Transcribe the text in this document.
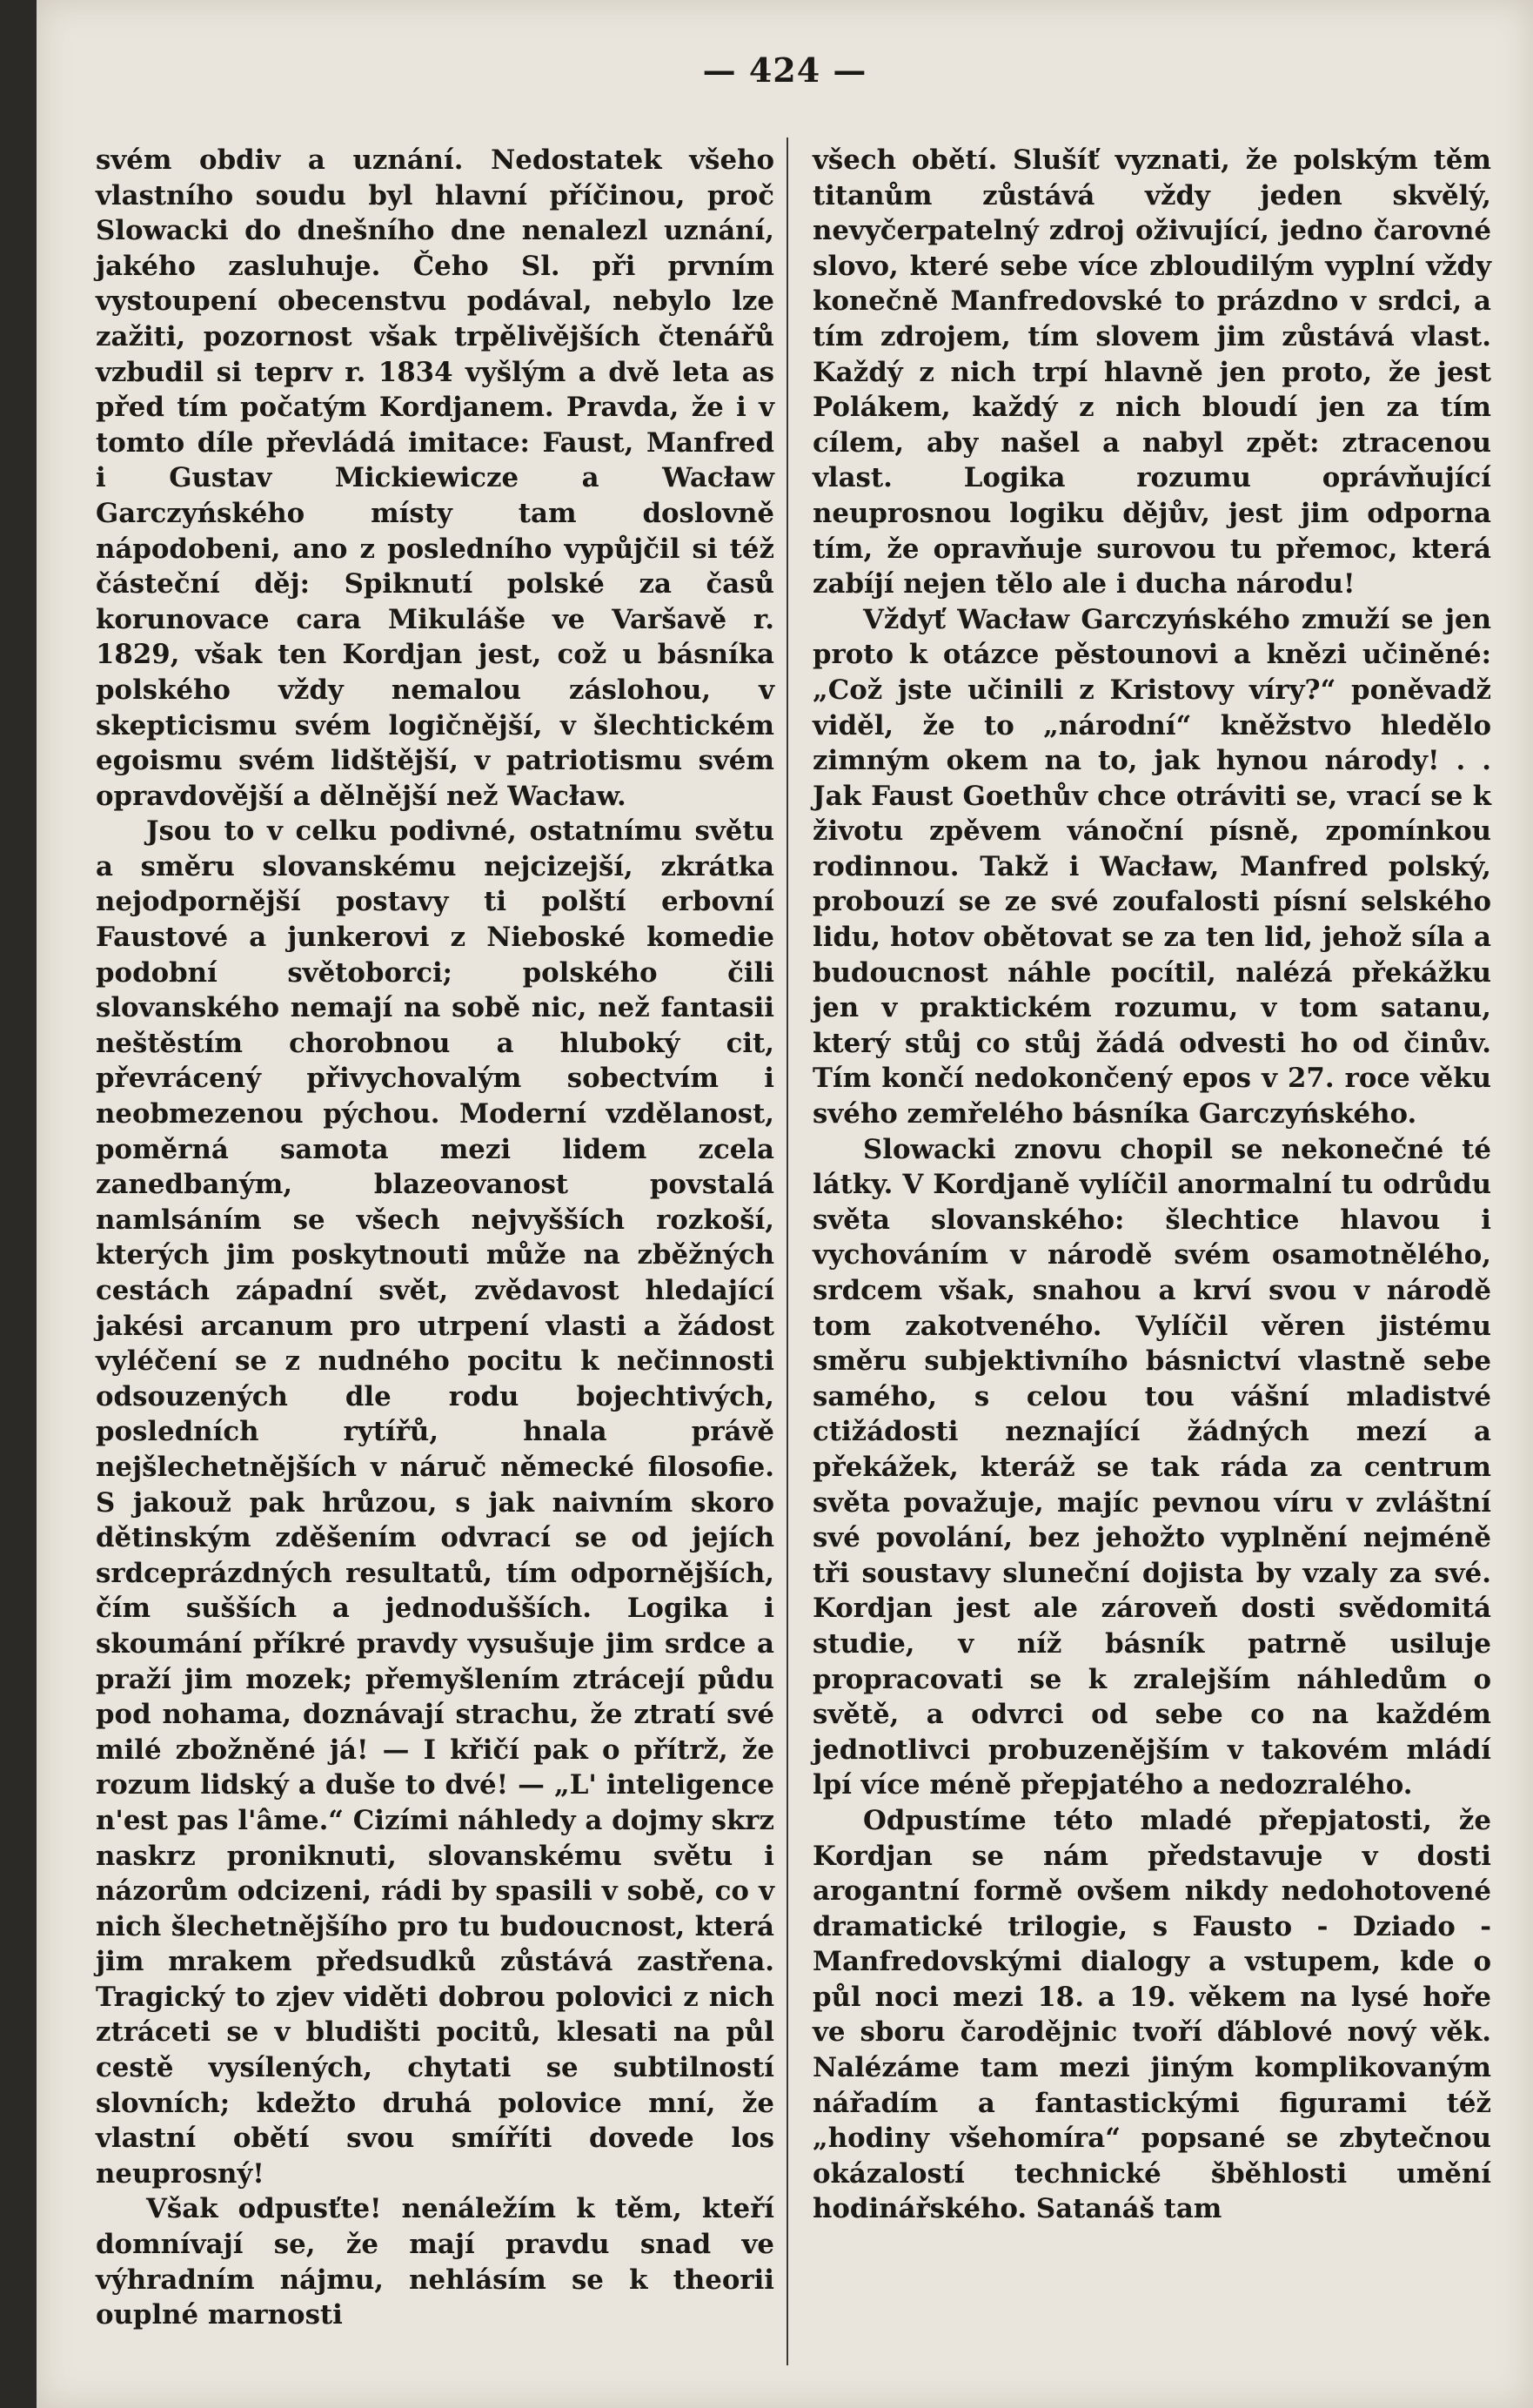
— 424 —

svém obdiv a uznání. Nedostatek všeho vlastního soudu byl hlavní příčinou, proč Slowacki do dnešního dne nenalezl uznání, jakého zasluhuje. Čeho Sl. při prvním vystoupení obecenstvu podával, nebylo lze zažiti, pozornost však trpělivějších čtenářů vzbudil si teprv r. 1834 vyšlým a dvě leta as před tím počatým Kordjanem. Pravda, že i v tomto díle převládá imitace: Faust, Manfred i Gustav Mickiewicze a Wacław Garczyńského místy tam doslovně nápodobeni, ano z posledního vypůjčil si též částeční děj: Spiknutí polské za časů korunovace cara Mikuláše ve Varšavě r. 1829, však ten Kordjan jest, což u básníka polského vždy nemalou záslohou, v skepticismu svém logičnější, v šlechtickém egoismu svém lidštější, v patriotismu svém opravdovější a dělnější než Wacław.

Jsou to v celku podivné, ostatnímu světu a směru slovanskému nejcizejší, zkrátka nejodpornější postavy ti polští erbovní Faustové a junkerovi z Nieboské komedie podobní světoborci; polského čili slovanského nemají na sobě nic, než fantasii neštěstím chorobnou a hluboký cit, převrácený přivychovalým sobectvím i neobmezenou pýchou. Moderní vzdělanost, poměrná samota mezi lidem zcela zanedbaným, blazeovanost povstalá namlsáním se všech nejvyšších rozkoší, kterých jim poskytnouti může na zběžných cestách západní svět, zvědavost hledající jakési arcanum pro utrpení vlasti a žádost vyléčení se z nudného pocitu k nečinnosti odsouzených dle rodu bojechtivých, posledních rytířů, hnala právě nejšlechetnějších v náruč německé filosofie. S jakouž pak hrůzou, s jak naivním skoro dětinským zděšením odvrací se od jejích srdceprázdných resultatů, tím odpornějších, čím sušších a jednodušších. Logika i skoumání příkré pravdy vysušuje jim srdce a praží jim mozek; přemyšlením ztrácejí půdu pod nohama, doznávají strachu, že ztratí své milé zbožněné já! — I křičí pak o přítrž, že rozum lidský a duše to dvé! — „L' inteligence n'est pas l'âme.“ Cizími náhledy a dojmy skrz naskrz proniknuti, slovanskému světu i názorům odcizeni, rádi by spasili v sobě, co v nich šlechetnějšího pro tu budoucnost, která jim mrakem předsudků zůstává zastřena. Tragický to zjev viděti dobrou polovici z nich ztráceti se v bludišti pocitů, klesati na půl cestě vysílených, chytati se subtilností slovních; kdežto druhá polovice mní, že vlastní obětí svou smíříti dovede los neuprosný!

Však odpusťte! nenáležím k těm, kteří domnívají se, že mají pravdu snad ve výhradním nájmu, nehlásím se k theorii ouplné marnosti

všech obětí. Slušíť vyznati, že polským těm titanům zůstává vždy jeden skvělý, nevyčerpatelný zdroj oživující, jedno čarovné slovo, které sebe více zbloudilým vyplní vždy konečně Manfredovské to prázdno v srdci, a tím zdrojem, tím slovem jim zůstává vlast. Každý z nich trpí hlavně jen proto, že jest Polákem, každý z nich bloudí jen za tím cílem, aby našel a nabyl zpět: ztracenou vlast. Logika rozumu oprávňující neuprosnou logiku dějův, jest jim odporna tím, že opravňuje surovou tu přemoc, která zabíjí nejen tělo ale i ducha národu!

Vždyť Wacław Garczyńského zmuží se jen proto k otázce pěstounovi a knězi učiněné: „Což jste učinili z Kristovy víry?“ poněvadž viděl, že to „národní“ kněžstvo hledělo zimným okem na to, jak hynou národy! . . Jak Faust Goethův chce otráviti se, vrací se k životu zpěvem vánoční písně, zpomínkou rodinnou. Takž i Wacław, Manfred polský, probouzí se ze své zoufalosti písní selského lidu, hotov obětovat se za ten lid, jehož síla a budoucnost náhle pocítil, nalézá překážku jen v praktickém rozumu, v tom satanu, který stůj co stůj žádá odvesti ho od činův. Tím končí nedokončený epos v 27. roce věku svého zemřelého básníka Garczyńského.

Slowacki znovu chopil se nekonečné té látky. V Kordjaně vylíčil anormalní tu odrůdu světa slovanského: šlechtice hlavou i vychováním v národě svém osamotnělého, srdcem však, snahou a krví svou v národě tom zakotveného. Vylíčil věren jistému směru subjektivního básnictví vlastně sebe samého, s celou tou vášní mladistvé ctižádosti neznající žádných mezí a překážek, kteráž se tak ráda za centrum světa považuje, majíc pevnou víru v zvláštní své povolání, bez jehožto vyplnění nejméně tři soustavy sluneční dojista by vzaly za své. Kordjan jest ale zároveň dosti svědomitá studie, v níž básník patrně usiluje propracovati se k zralejším náhledům o světě, a odvrci od sebe co na každém jednotlivci probuzenějším v takovém mládí lpí více méně přepjatého a nedozralého.

Odpustíme této mladé přepjatosti, že Kordjan se nám představuje v dosti arogantní formě ovšem nikdy nedohotovené dramatické trilogie, s Fausto - Dziado - Manfredovskými dialogy a vstupem, kde o půl noci mezi 18. a 19. věkem na lysé hoře ve sboru čarodějnic tvoří ďáblové nový věk. Nalézáme tam mezi jiným komplikovaným nářadím a fantastickými figurami též „hodiny všehomíra“ popsané se zbytečnou okázalostí technické šběhlosti umění hodinářského. Satanáš tam
